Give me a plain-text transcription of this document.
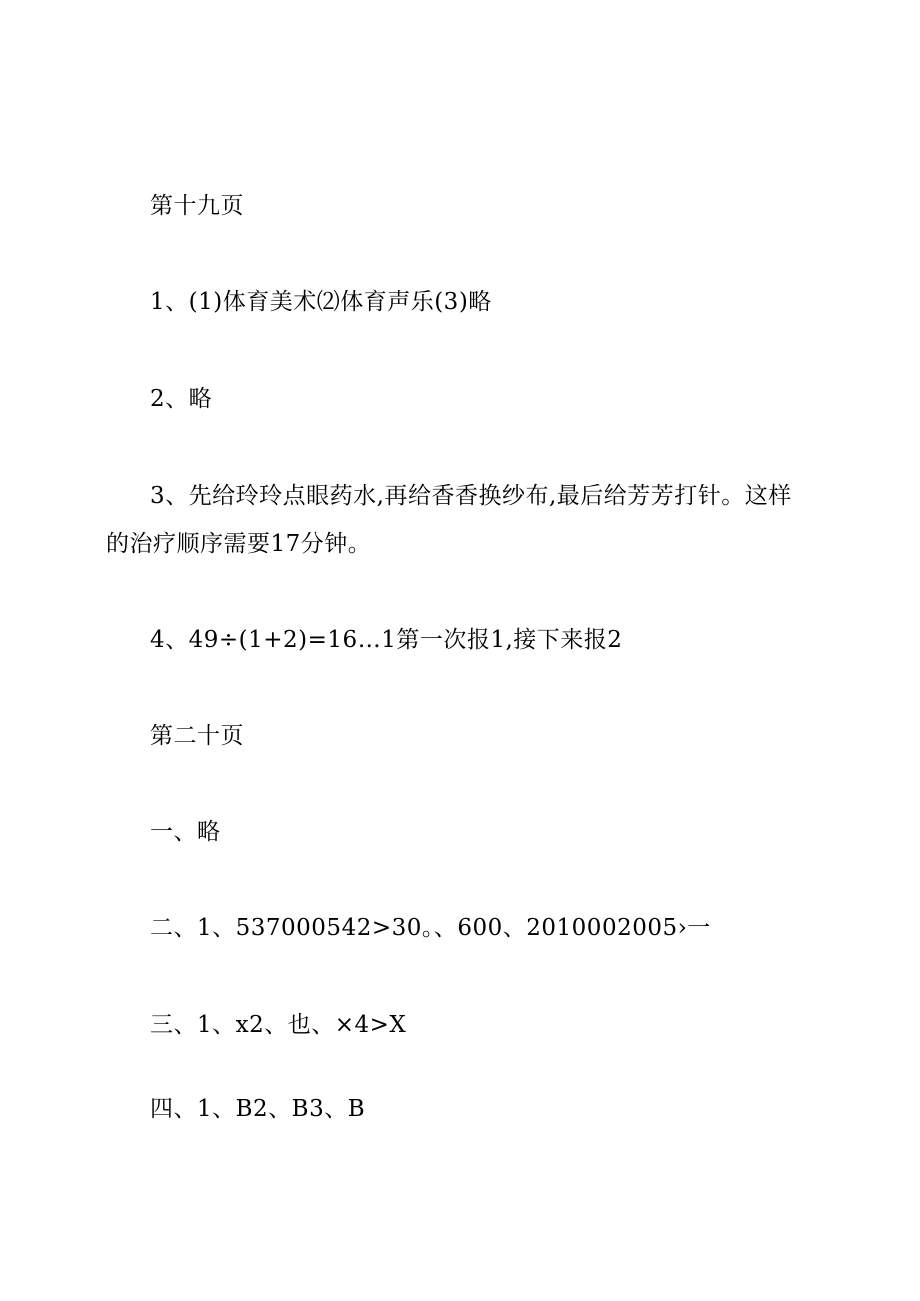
第十九页
1、(1)体育美术⑵体育声乐(3)略
2、略
3、先给玲玲点眼药水,再给香香换纱布,最后给芳芳打针。这样
的治疗顺序需要17分钟。
4、49÷(1+2)=16…1第一次报1,接下来报2
第二十页
一、略
二、1、537000542>30。、600、2010002005›一
三、1、x2、也、×4>X
四、1、B2、B3、B
